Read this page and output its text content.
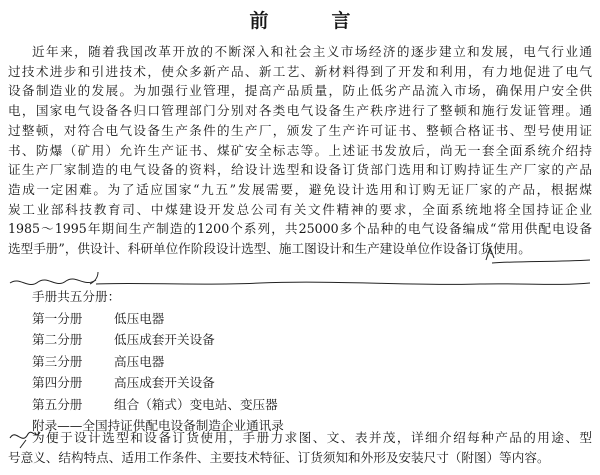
前　言
近年来，随着我国改革开放的不断深入和社会主义市场经济的逐步建立和发展，电气行业通
过技术进步和引进技术，使众多新产品、新工艺、新材料得到了开发和利用，有力地促进了电气
设备制造业的发展。为加强行业管理，提高产品质量，防止低劣产品流入市场，确保用户安全供
电，国家电气设备各归口管理部门分别对各类电气设备生产秩序进行了整顿和施行发证管理。通
过整顿，对符合电气设备生产条件的生产厂，颁发了生产许可证书、整顿合格证书、型号使用证
书、防爆（矿用）允许生产证书、煤矿安全标志等。上述证书发放后，尚无一套全面系统介绍持
证生产厂家制造的电气设备的资料，给设计选型和设备订货部门选用和订购持证生产厂家的产品
造成一定困难。为了适应国家“九五”发展需要，避免设计选用和订购无证厂家的产品，根据煤
炭工业部科技教育司、中煤建设开发总公司有关文件精神的要求，全面系统地将全国持证企业
1985～1995年期间生产制造的1200个系列，共25000多个品种的电气设备编成“常用供配电设备
选型手册”，供设计、科研单位作阶段设计选型、施工图设计和生产建设单位作设备订货使用。
手册共五分册：
第一分册	低压电器
第二分册	低压成套开关设备
第三分册	高压电器
第四分册	高压成套开关设备
第五分册	组合（箱式）变电站、变压器
附录——全国持证供配电设备制造企业通讯录
为便于设计选型和设备订货使用，手册力求图、文、表并茂，详细介绍每种产品的用途、型
号意义、结构特点、适用工作条件、主要技术特征、订货须知和外形及安装尺寸（附图）等内容。
